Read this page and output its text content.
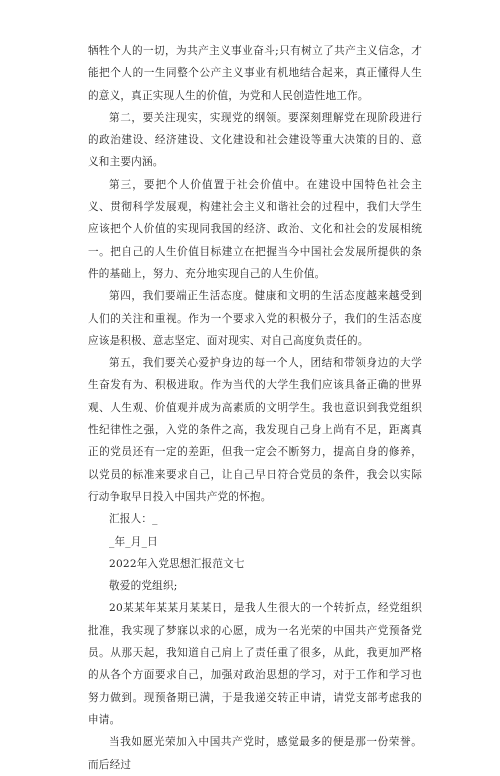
牺牲个人的一切，为共产主义事业奋斗;只有树立了共产主义信念，才能把个人的一生同整个公产主义事业有机地结合起来，真正懂得人生的意义，真正实现人生的价值，为党和人民创造性地工作。

第二，要关注现实，实现党的纲领。要深刻理解党在现阶段进行的政治建设、经济建设、文化建设和社会建设等重大决策的目的、意义和主要内涵。

第三，要把个人价值置于社会价值中。在建设中国特色社会主义、贯彻科学发展观，构建社会主义和谐社会的过程中，我们大学生应该把个人价值的实现同我国的经济、政治、文化和社会的发展相统一。把自己的人生价值目标建立在把握当今中国社会发展所提供的条件的基础上，努力、充分地实现自己的人生价值。

第四，我们要端正生活态度。健康和文明的生活态度越来越受到人们的关注和重视。作为一个要求入党的积极分子，我们的生活态度应该是积极、意志坚定、面对现实、对自己高度负责任的。

第五，我们要关心爱护身边的每一个人，团结和带领身边的大学生奋发有为、积极进取。作为当代的大学生我们应该具备正确的世界观、人生观、价值观并成为高素质的文明学生。我也意识到我党组织性纪律性之强，入党的条件之高，我发现自己身上尚有不足，距离真正的党员还有一定的差距，但我一定会不断努力，提高自身的修养，以党员的标准来要求自己，让自己早日符合党员的条件，我会以实际行动争取早日投入中国共产党的怀抱。

汇报人：_

_年_月_日

2022年入党思想汇报范文七

敬爱的党组织;

20某某年某某月某某日，是我人生很大的一个转折点，经党组织批准，我实现了梦寐以求的心愿，成为一名光荣的中国共产党预备党员。从那天起，我知道自己肩上了责任重了很多，从此，我更加严格的从各个方面要求自己，加强对政治思想的学习，对于工作和学习也努力做到。现预备期已满，于是我递交转正申请，请党支部考虑我的申请。

当我如愿光荣加入中国共产党时，感觉最多的便是那一份荣誉。而后经过
